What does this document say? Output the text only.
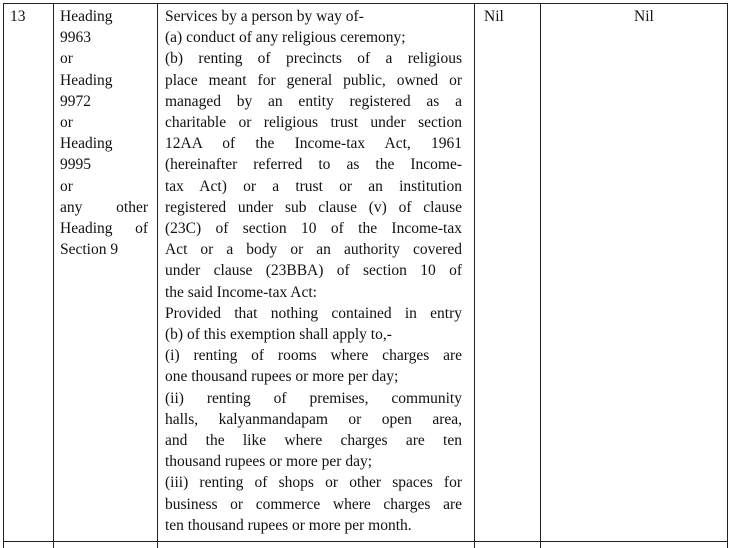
13 Heading
9963
or
Heading
9972
or
Heading
9995
or
any other
Heading of
Section 9
Services by a person by way of-
(a) conduct of any religious ceremony;
(b) renting of precincts of a religious
place meant for general public, owned or
managed by an entity registered as a
charitable or religious trust under section
12AA of the Income-tax Act, 1961
(hereinafter referred to as the Income-
tax Act) or a trust or an institution
registered under sub clause (v) of clause
(23C) of section 10 of the Income-tax
Act or a body or an authority covered
under clause (23BBA) of section 10 of
the said Income-tax Act:
Provided that nothing contained in entry
(b) of this exemption shall apply to,-
(i) renting of rooms where charges are
one thousand rupees or more per day;
(ii) renting of premises, community
halls, kalyanmandapam or open area,
and the like where charges are ten
thousand rupees or more per day;
(iii) renting of shops or other spaces for
business or commerce where charges are
ten thousand rupees or more per month.
Nil	Nil
